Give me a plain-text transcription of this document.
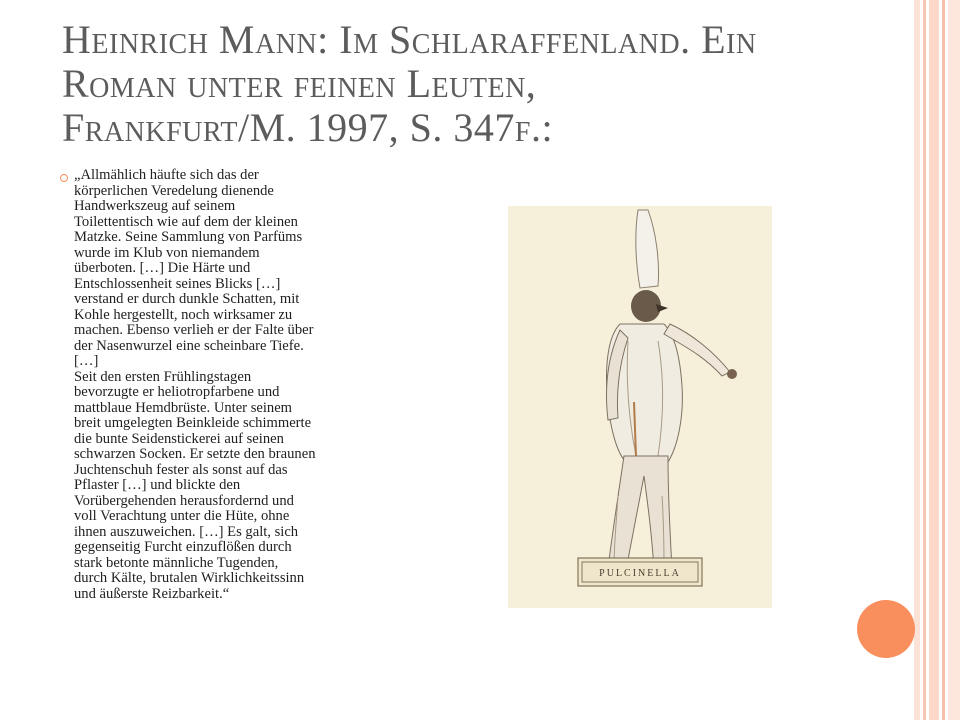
Heinrich Mann: Im Schlaraffenland. Ein
Roman unter feinen Leuten,
Frankfurt/M. 1997, S. 347f.:
„Allmählich häufte sich das der
körperlichen Veredelung dienende
Handwerkszeug auf seinem
Toilettentisch wie auf dem der kleinen
Matzke. Seine Sammlung von Parfüms
wurde im Klub von niemandem
überboten. […] Die Härte und
Entschlossenheit seines Blicks […]
verstand er durch dunkle Schatten, mit
Kohle hergestellt, noch wirksamer zu
machen. Ebenso verlieh er der Falte über
der Nasenwurzel eine scheinbare Tiefe.
[…]
Seit den ersten Frühlingstagen
bevorzugte er heliotropfarbene und
mattblaue Hemdbrüste. Unter seinem
breit umgelegten Beinkleide schimmerte
die bunte Seidenstickerei auf seinen
schwarzen Socken. Er setzte den braunen
Juchtenschuh fester als sonst auf das
Pflaster […] und blickte den
Vorübergehenden herausfordernd und
voll Verachtung unter die Hüte, ohne
ihnen auszuweichen. […] Es galt, sich
gegenseitig Furcht einzuflößen durch
stark betonte männliche Tugenden,
durch Kälte, brutalen Wirklichkeitssinn
und äußerste Reizbarkeit.“
PULCINELLA
